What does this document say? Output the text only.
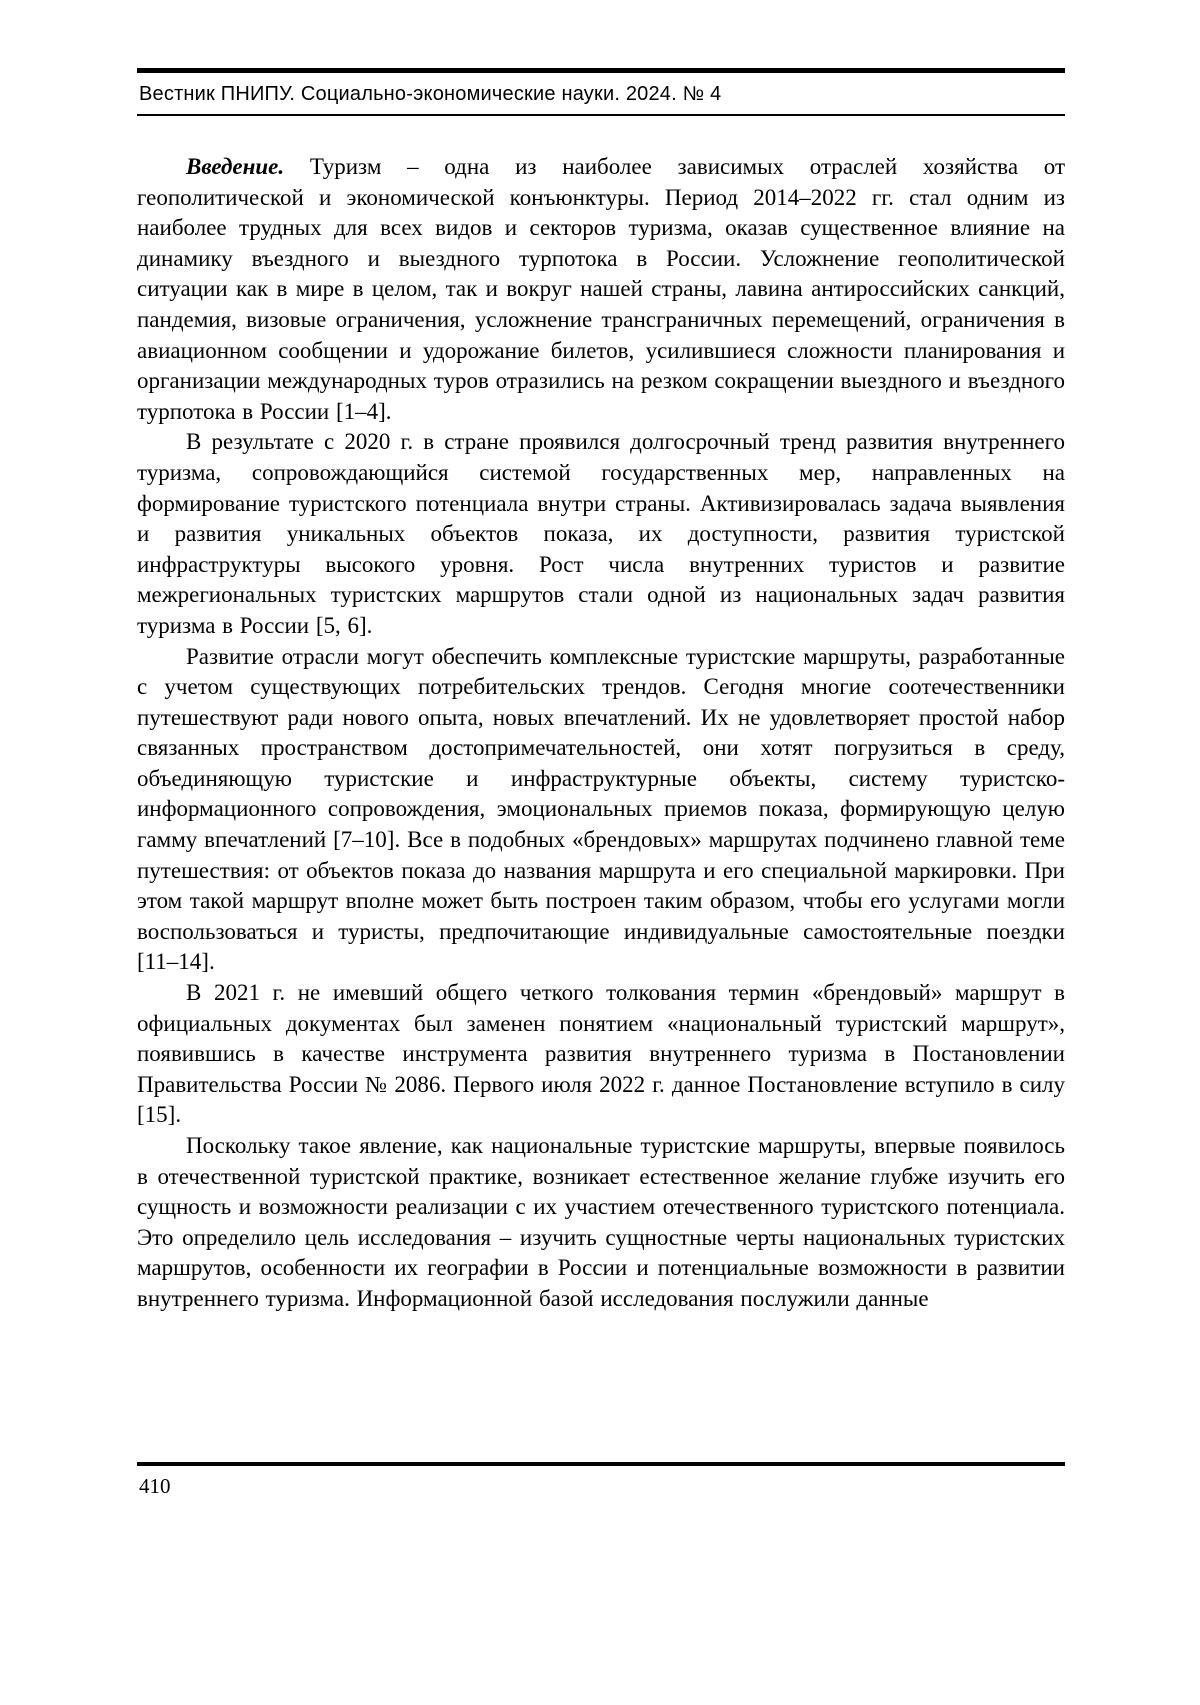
Вестник ПНИПУ. Социально-экономические науки. 2024. № 4

Введение. Туризм – одна из наиболее зависимых отраслей хозяйства от геополитической и экономической конъюнктуры. Период 2014–2022 гг. стал одним из наиболее трудных для всех видов и секторов туризма, оказав существенное влияние на динамику въездного и выездного турпотока в России. Усложнение геополитической ситуации как в мире в целом, так и вокруг нашей страны, лавина антироссийских санкций, пандемия, визовые ограничения, усложнение трансграничных перемещений, ограничения в авиационном сообщении и удорожание билетов, усилившиеся сложности планирования и организации международных туров отразились на резком сокращении выездного и въездного турпотока в России [1–4].

В результате с 2020 г. в стране проявился долгосрочный тренд развития внутреннего туризма, сопровождающийся системой государственных мер, направленных на формирование туристского потенциала внутри страны. Активизировалась задача выявления и развития уникальных объектов показа, их доступности, развития туристской инфраструктуры высокого уровня. Рост числа внутренних туристов и развитие межрегиональных туристских маршрутов стали одной из национальных задач развития туризма в России [5, 6].

Развитие отрасли могут обеспечить комплексные туристские маршруты, разработанные с учетом существующих потребительских трендов. Сегодня многие соотечественники путешествуют ради нового опыта, новых впечатлений. Их не удовлетворяет простой набор связанных пространством достопримечательностей, они хотят погрузиться в среду, объединяющую туристские и инфраструктурные объекты, систему туристско-информационного сопровождения, эмоциональных приемов показа, формирующую целую гамму впечатлений [7–10]. Все в подобных «брендовых» маршрутах подчинено главной теме путешествия: от объектов показа до названия маршрута и его специальной маркировки. При этом такой маршрут вполне может быть построен таким образом, чтобы его услугами могли воспользоваться и туристы, предпочитающие индивидуальные самостоятельные поездки [11–14].

В 2021 г. не имевший общего четкого толкования термин «брендовый» маршрут в официальных документах был заменен понятием «национальный туристский маршрут», появившись в качестве инструмента развития внутреннего туризма в Постановлении Правительства России № 2086. Первого июля 2022 г. данное Постановление вступило в силу [15].

Поскольку такое явление, как национальные туристские маршруты, впервые появилось в отечественной туристской практике, возникает естественное желание глубже изучить его сущность и возможности реализации с их участием отечественного туристского потенциала. Это определило цель исследования – изучить сущностные черты национальных туристских маршрутов, особенности их географии в России и потенциальные возможности в развитии внутреннего туризма. Информационной базой исследования послужили данные

410
